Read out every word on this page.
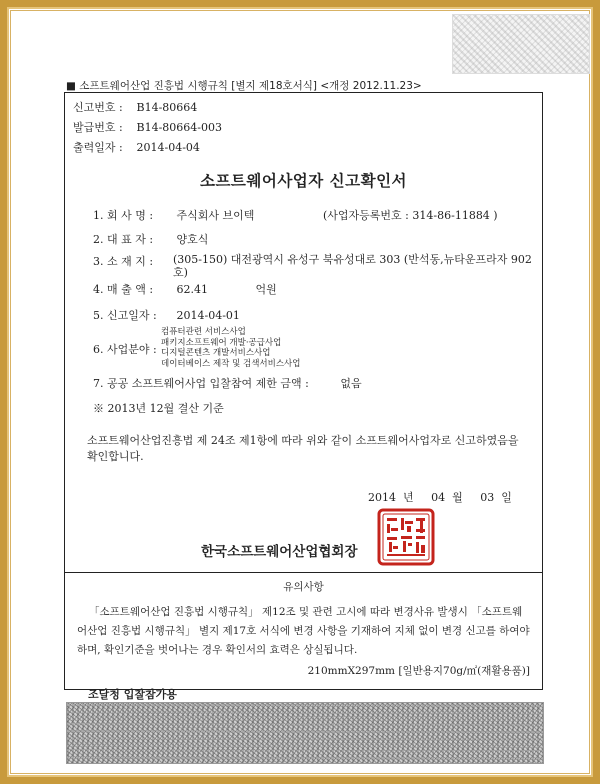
■ 소프트웨어산업 진흥법 시행규칙 [별지 제18호서식] <개정 2012.11.23>
신고번호 : B14-80664
발급번호 : B14-80664-003
출력일자 : 2014-04-04
소프트웨어사업자 신고확인서
1. 회 사 명 : 주식회사 브이텍	(사업자등록번호 : 314-86-11884 )
2. 대 표 자 : 양호식
3. 소 재 지 :	(305-150) 대전광역시 유성구 북유성대로 303 (반석동,뉴타운프라자 902호)
4. 매 출 액 : 62.41	억원
5. 신고일자 : 2014-04-01
6. 사업분야 :
컴퓨터관련 서비스사업
패키지소프트웨어 개발·공급사업
디지털콘텐츠 개발서비스사업
데이터베이스 제작 및 검색서비스사업
7. 공공 소프트웨어사업 입찰참여 제한 금액 :	없음
※ 2013년 12월 결산 기준
소프트웨어산업진흥법 제 24조 제1항에 따라 위와 같이 소프트웨어사업자로 신고하였음을 확인합니다.
2014 년 04 월 03 일
한국소프트웨어산업협회장
유의사항
「소프트웨어산업 진흥법 시행규칙」 제12조 및 관련 고시에 따라 변경사유 발생시 「소프트웨어산업 진흥법 시행규칙」 별지 제17호 서식에 변경 사항을 기재하여 지체 없이 변경 신고를 하여야 하며, 확인기준을 벗어나는 경우 확인서의 효력은 상실됩니다.
210mmX297mm [일반용지70g/㎡(재활용품)]
조달청 입찰참가용
